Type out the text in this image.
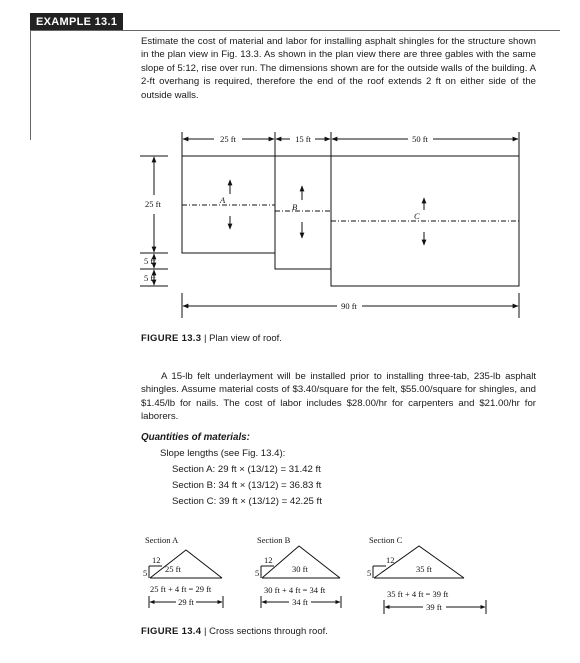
EXAMPLE 13.1

Estimate the cost of material and labor for installing asphalt shingles for the structure shown in the plan view in Fig. 13.3. As shown in the plan view there are three gables with the same slope of 5:12, rise over run. The dimensions shown are for the outside walls of the building. A 2-ft overhang is required, therefore the end of the roof extends 2 ft on either side of the outside walls.

25 ft	15 ft	50 ft
90 ft
25 ft
5 ft
5 ft
A
B
C
FIGURE 13.3 | Plan view of roof.

A 15-lb felt underlayment will be installed prior to installing three-tab, 235-lb asphalt shingles. Assume material costs of $3.40/square for the felt, $55.00/square for shingles, and $1.45/lb for nails. The cost of labor includes $28.00/hr for carpenters and $21.00/hr for laborers.

Quantities of materials:
Slope lengths (see Fig. 13.4):
Section A: 29 ft × (13/12) = 31.42 ft
Section B: 34 ft × (13/12) = 36.83 ft
Section C: 39 ft × (13/12) = 42.25 ft
Section A	Section B	Section C
12
5 25 ft
25 ft + 4 ft = 29 ft
29 ft
12
5	30 ft
30 ft + 4 ft = 34 ft
34 ft
12
5	35 ft
35 ft + 4 ft = 39 ft
39 ft
FIGURE 13.4 | Cross sections through roof.
